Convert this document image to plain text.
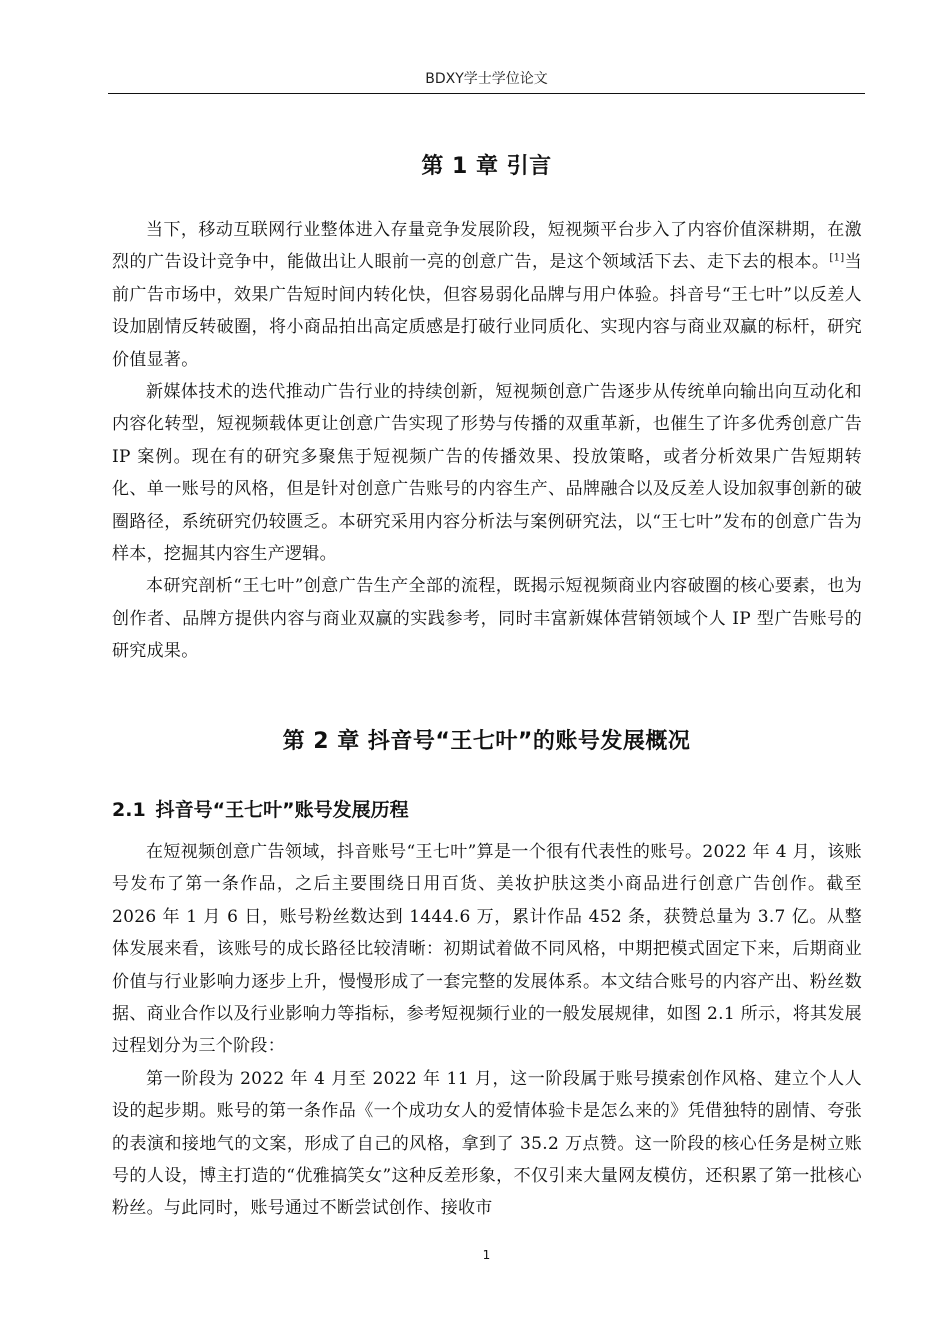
BDXY学士学位论文
第 1 章 引言

当下，移动互联网行业整体进入存量竞争发展阶段，短视频平台步入了内容价值深耕期，在激烈的广告设计竞争中，能做出让人眼前一亮的创意广告，是这个领域活下去、走下去的根本。[1]当前广告市场中，效果广告短时间内转化快，但容易弱化品牌与用户体验。抖音号“王七叶”以反差人设加剧情反转破圈，将小商品拍出高定质感是打破行业同质化、实现内容与商业双赢的标杆，研究价值显著。

新媒体技术的迭代推动广告行业的持续创新，短视频创意广告逐步从传统单向输出向互动化和内容化转型，短视频载体更让创意广告实现了形势与传播的双重革新，也催生了许多优秀创意广告 IP 案例。现在有的研究多聚焦于短视频广告的传播效果、投放策略，或者分析效果广告短期转化、单一账号的风格，但是针对创意广告账号的内容生产、品牌融合以及反差人设加叙事创新的破圈路径，系统研究仍较匮乏。本研究采用内容分析法与案例研究法，以“王七叶”发布的创意广告为样本，挖掘其内容生产逻辑。

本研究剖析“王七叶”创意广告生产全部的流程，既揭示短视频商业内容破圈的核心要素，也为创作者、品牌方提供内容与商业双赢的实践参考，同时丰富新媒体营销领域个人 IP 型广告账号的研究成果。

第 2 章 抖音号“王七叶”的账号发展概况
2.1 抖音号“王七叶”账号发展历程

在短视频创意广告领域，抖音账号“王七叶”算是一个很有代表性的账号。2022 年 4 月，该账号发布了第一条作品，之后主要围绕日用百货、美妆护肤这类小商品进行创意广告创作。截至 2026 年 1 月 6 日，账号粉丝数达到 1444.6 万，累计作品 452 条，获赞总量为 3.7 亿。从整体发展来看，该账号的成长路径比较清晰：初期试着做不同风格，中期把模式固定下来，后期商业价值与行业影响力逐步上升，慢慢形成了一套完整的发展体系。本文结合账号的内容产出、粉丝数据、商业合作以及行业影响力等指标，参考短视频行业的一般发展规律，如图 2.1 所示，将其发展过程划分为三个阶段：

第一阶段为 2022 年 4 月至 2022 年 11 月，这一阶段属于账号摸索创作风格、建立个人人设的起步期。账号的第一条作品《一个成功女人的爱情体验卡是怎么来的》凭借独特的剧情、夸张的表演和接地气的文案，形成了自己的风格，拿到了 35.2 万点赞。这一阶段的核心任务是树立账号的人设，博主打造的“优雅搞笑女”这种反差形象，不仅引来大量网友模仿，还积累了第一批核心粉丝。与此同时，账号通过不断尝试创作、接收市

1
